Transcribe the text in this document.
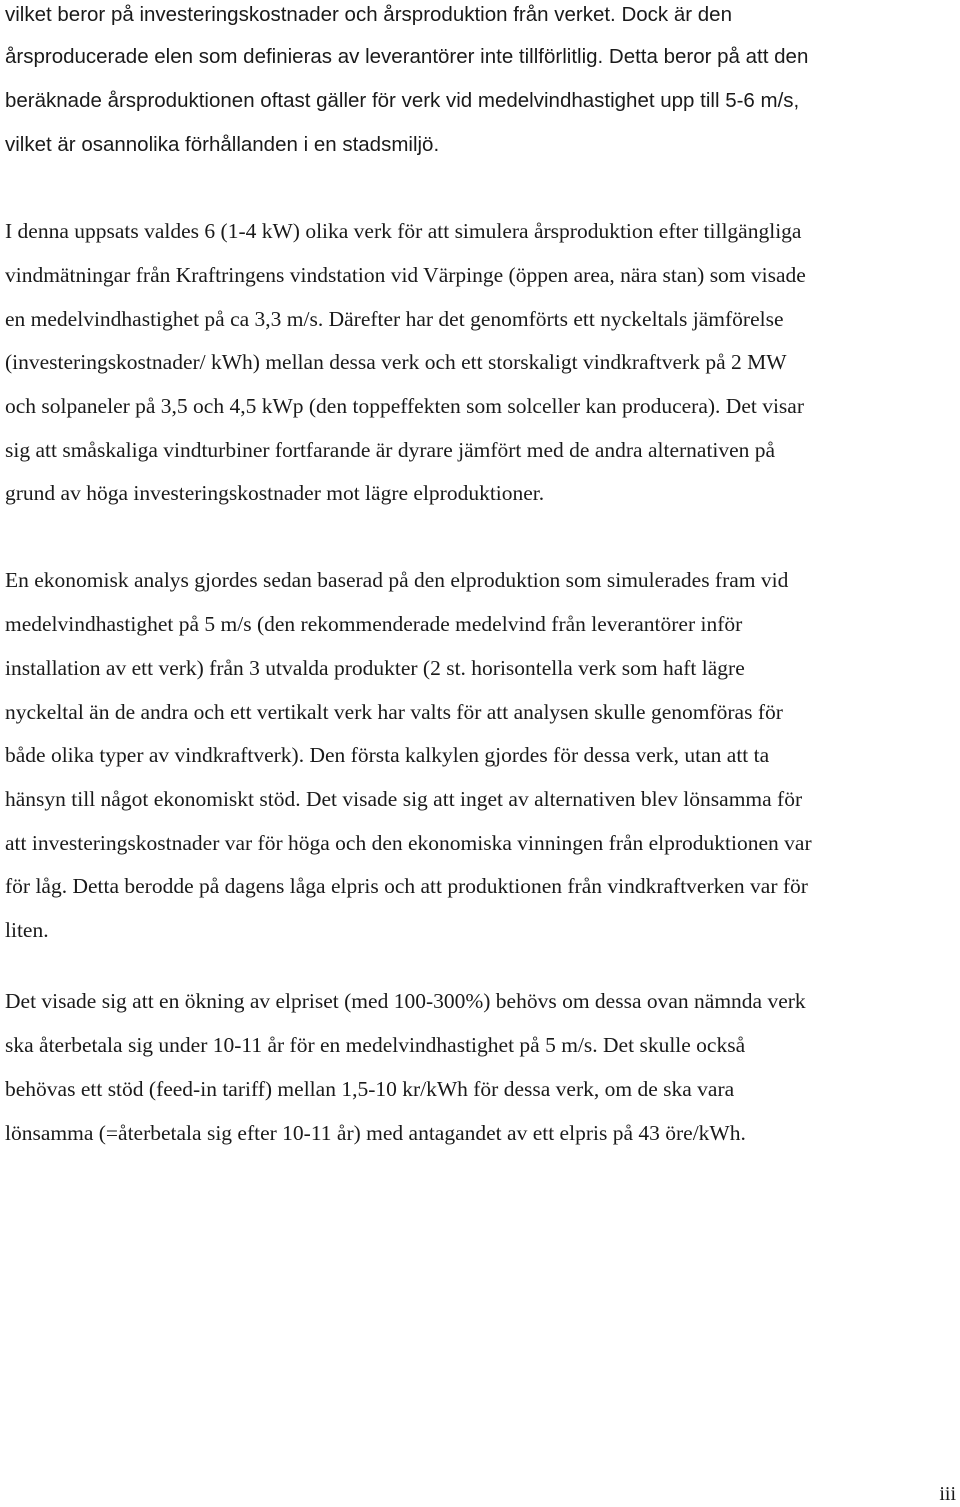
vilket beror på investeringskostnader och årsproduktion från verket. Dock är den
årsproducerade elen som definieras av leverantörer inte tillförlitlig. Detta beror på att den
beräknade årsproduktionen oftast gäller för verk vid medelvindhastighet upp till 5-6 m/s,
vilket är osannolika förhållanden i en stadsmiljö.
I denna uppsats valdes 6 (1-4 kW) olika verk för att simulera årsproduktion efter tillgängliga
vindmätningar från Kraftringens vindstation vid Värpinge (öppen area, nära stan) som visade
en medelvindhastighet på ca 3,3 m/s. Därefter har det genomförts ett nyckeltals jämförelse
(investeringskostnader/ kWh) mellan dessa verk och ett storskaligt vindkraftverk på 2 MW
och solpaneler på 3,5 och 4,5 kWp (den toppeffekten som solceller kan producera). Det visar
sig att småskaliga vindturbiner fortfarande är dyrare jämfört med de andra alternativen på
grund av höga investeringskostnader mot lägre elproduktioner.
En ekonomisk analys gjordes sedan baserad på den elproduktion som simulerades fram vid
medelvindhastighet på 5 m/s (den rekommenderade medelvind från leverantörer inför
installation av ett verk) från 3 utvalda produkter (2 st. horisontella verk som haft lägre
nyckeltal än de andra och ett vertikalt verk har valts för att analysen skulle genomföras för
både olika typer av vindkraftverk). Den första kalkylen gjordes för dessa verk, utan att ta
hänsyn till något ekonomiskt stöd. Det visade sig att inget av alternativen blev lönsamma för
att investeringskostnader var för höga och den ekonomiska vinningen från elproduktionen var
för låg. Detta berodde på dagens låga elpris och att produktionen från vindkraftverken var för
liten.
Det visade sig att en ökning av elpriset (med 100-300%) behövs om dessa ovan nämnda verk
ska återbetala sig under 10-11 år för en medelvindhastighet på 5 m/s. Det skulle också
behövas ett stöd (feed-in tariff) mellan 1,5-10 kr/kWh för dessa verk, om de ska vara
lönsamma (=återbetala sig efter 10-11 år) med antagandet av ett elpris på 43 öre/kWh.
iii
